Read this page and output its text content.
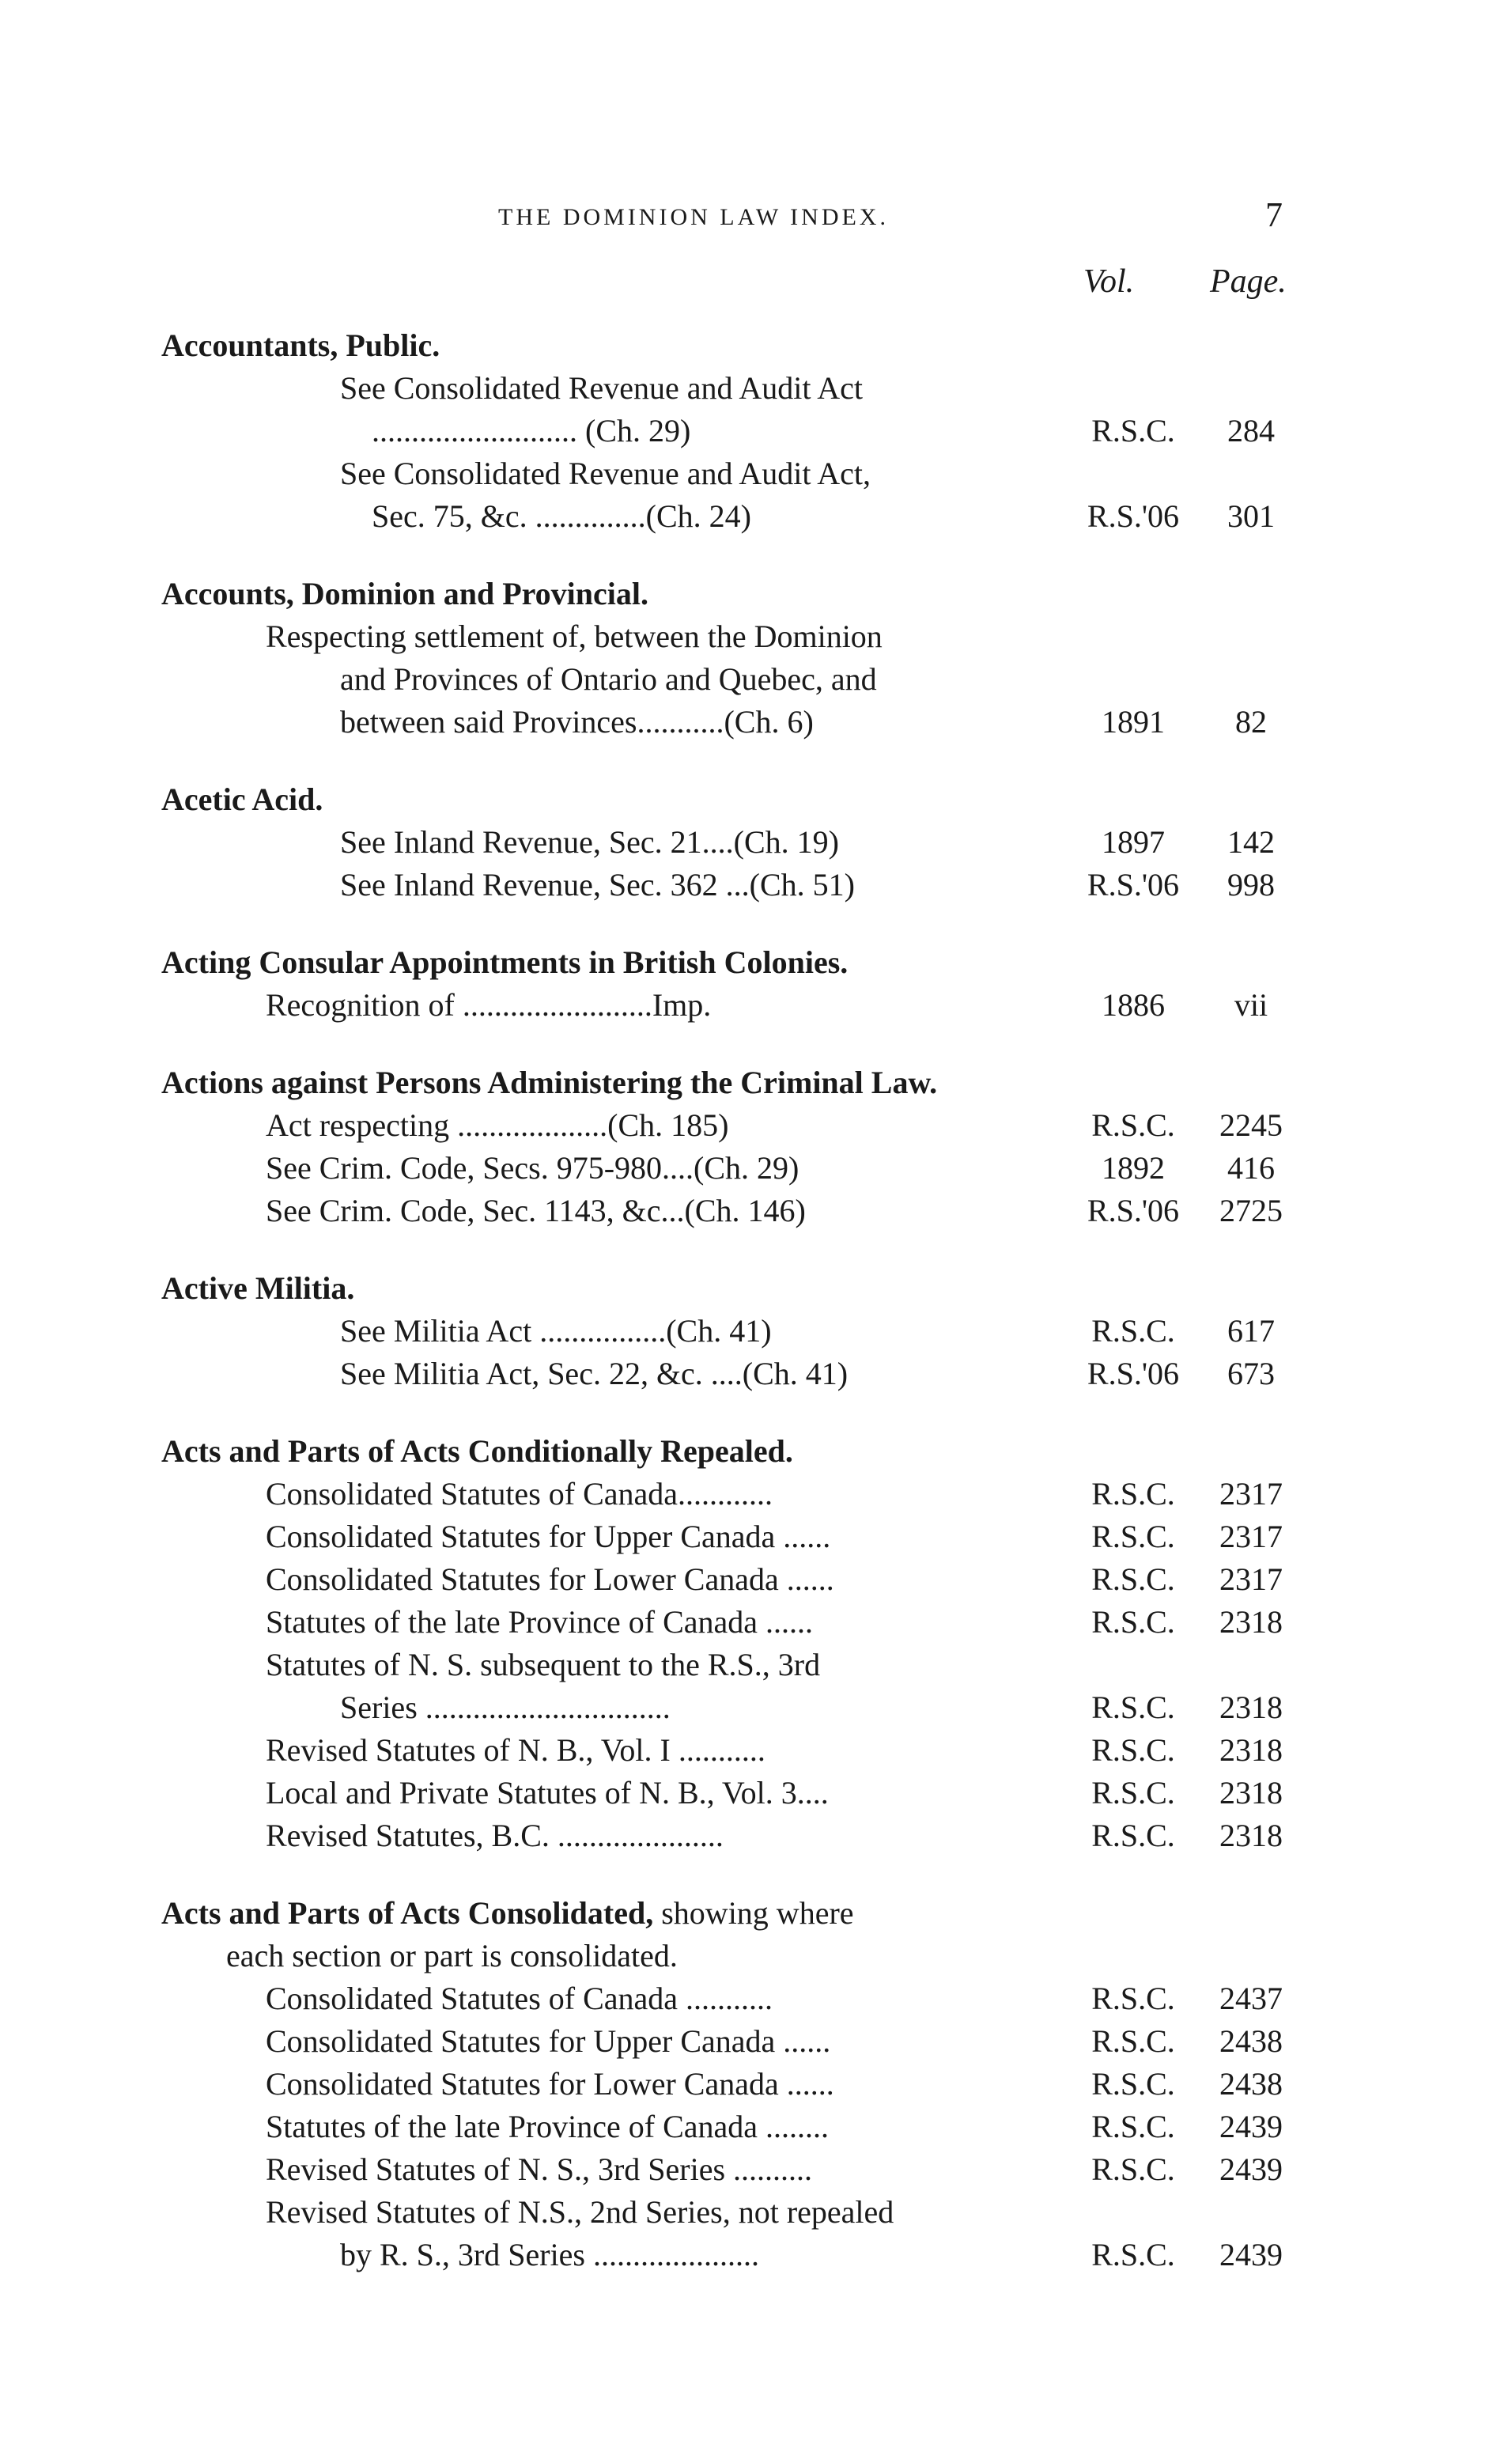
THE DOMINION LAW INDEX.	7
Vol. Page.
Accountants, Public.
See Consolidated Revenue and Audit Act
.......................... (Ch. 29)	R.S.C.	284
See Consolidated Revenue and Audit Act,
Sec. 75, &c. ..............(Ch. 24)	R.S.'06	301
Accounts, Dominion and Provincial.
Respecting settlement of, between the Dominion
and Provinces of Ontario and Quebec, and
between said Provinces...........(Ch. 6)	1891	82
Acetic Acid.
See Inland Revenue, Sec. 21....(Ch. 19)	1897	142
See Inland Revenue, Sec. 362 ...(Ch. 51)	R.S.'06	998
Acting Consular Appointments in British Colonies.
Recognition of ........................Imp.	1886	vii
Actions against Persons Administering the Criminal Law.
Act respecting ...................(Ch. 185)	R.S.C.	2245
See Crim. Code, Secs. 975-980....(Ch. 29)	1892	416
See Crim. Code, Sec. 1143, &c...(Ch. 146)	R.S.'06	2725
Active Militia.
See Militia Act ................(Ch. 41)	R.S.C.	617
See Militia Act, Sec. 22, &c. ....(Ch. 41)	R.S.'06	673
Acts and Parts of Acts Conditionally Repealed.
Consolidated Statutes of Canada............	R.S.C.	2317
Consolidated Statutes for Upper Canada ......	R.S.C.	2317
Consolidated Statutes for Lower Canada ......	R.S.C.	2317
Statutes of the late Province of Canada ......	R.S.C.	2318
Statutes of N. S. subsequent to the R.S., 3rd
Series ...............................	R.S.C.	2318
Revised Statutes of N. B., Vol. I ...........	R.S.C.	2318
Local and Private Statutes of N. B., Vol. 3....	R.S.C.	2318
Revised Statutes, B.C. .....................	R.S.C.	2318
Acts and Parts of Acts Consolidated, showing where
each section or part is consolidated.
Consolidated Statutes of Canada ...........	R.S.C.	2437
Consolidated Statutes for Upper Canada ......	R.S.C.	2438
Consolidated Statutes for Lower Canada ......	R.S.C.	2438
Statutes of the late Province of Canada ........	R.S.C.	2439
Revised Statutes of N. S., 3rd Series ..........	R.S.C.	2439
Revised Statutes of N.S., 2nd Series, not repealed
by R. S., 3rd Series .....................	R.S.C.	2439
